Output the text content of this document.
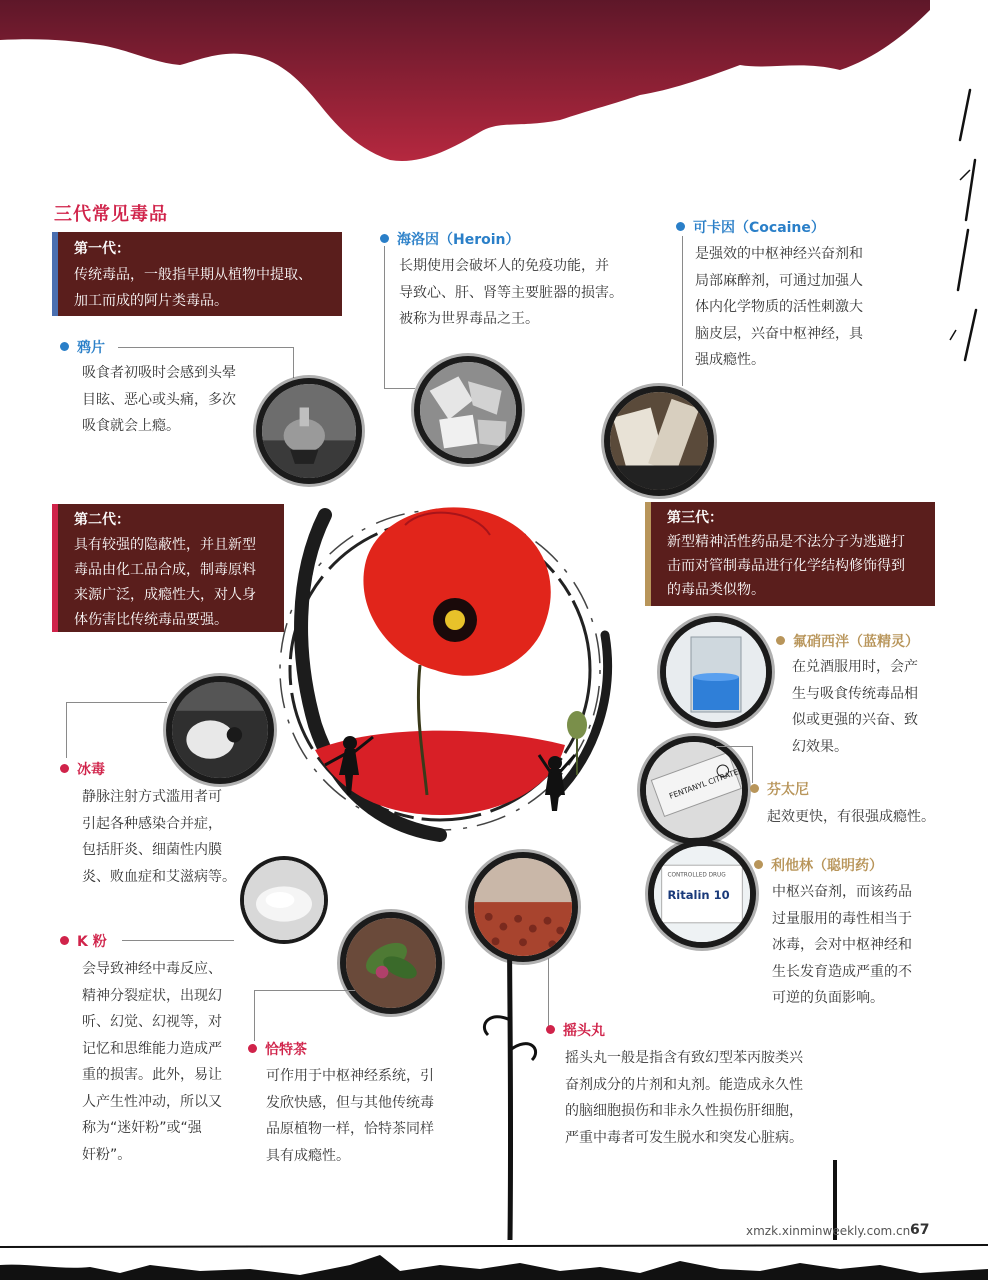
三代常见毒品
第一代：
传统毒品，一般指早期从植物中提取、
加工而成的阿片类毒品。
第二代：
具有较强的隐蔽性，并且新型
毒品由化工品合成，制毒原料
来源广泛，成瘾性大，对人身
体伤害比传统毒品要强。
第三代：
新型精神活性药品是不法分子为逃避打
击而对管制毒品进行化学结构修饰得到
的毒品类似物。
鸦片
吸食者初吸时会感到头晕
目眩、恶心或头痛，多次
吸食就会上瘾。
海洛因（Heroin）
长期使用会破坏人的免疫功能，并
导致心、肝、肾等主要脏器的损害。
被称为世界毒品之王。
可卡因（Cocaine）
是强效的中枢神经兴奋剂和
局部麻醉剂，可通过加强人
体内化学物质的活性刺激大
脑皮层，兴奋中枢神经，具
强成瘾性。
冰毒
静脉注射方式滥用者可
引起各种感染合并症，
包括肝炎、细菌性内膜
炎、败血症和艾滋病等。
K 粉
会导致神经中毒反应、
精神分裂症状，出现幻
听、幻觉、幻视等，对
记忆和思维能力造成严
重的损害。此外，易让
人产生性冲动，所以又
称为“迷奸粉”或“强
奸粉”。
恰特茶
可作用于中枢神经系统，引
发欣快感，但与其他传统毒
品原植物一样，恰特茶同样
具有成瘾性。
摇头丸
摇头丸一般是指含有致幻型苯丙胺类兴
奋剂成分的片剂和丸剂。能造成永久性
的脑细胞损伤和非永久性损伤肝细胞，
严重中毒者可发生脱水和突发心脏病。
氟硝西泮（蓝精灵）
在兑酒服用时，会产
生与吸食传统毒品相
似或更强的兴奋、致
幻效果。
FENTANYL CITRATE	芬太尼
起效更快，有很强成瘾性。
CONTROLLED DRUG
Ritalin 10
利他林（聪明药）
中枢兴奋剂，而该药品
过量服用的毒性相当于
冰毒，会对中枢神经和
生长发育造成严重的不
可逆的负面影响。
xmzk.xinminweekly.com.cn 67
